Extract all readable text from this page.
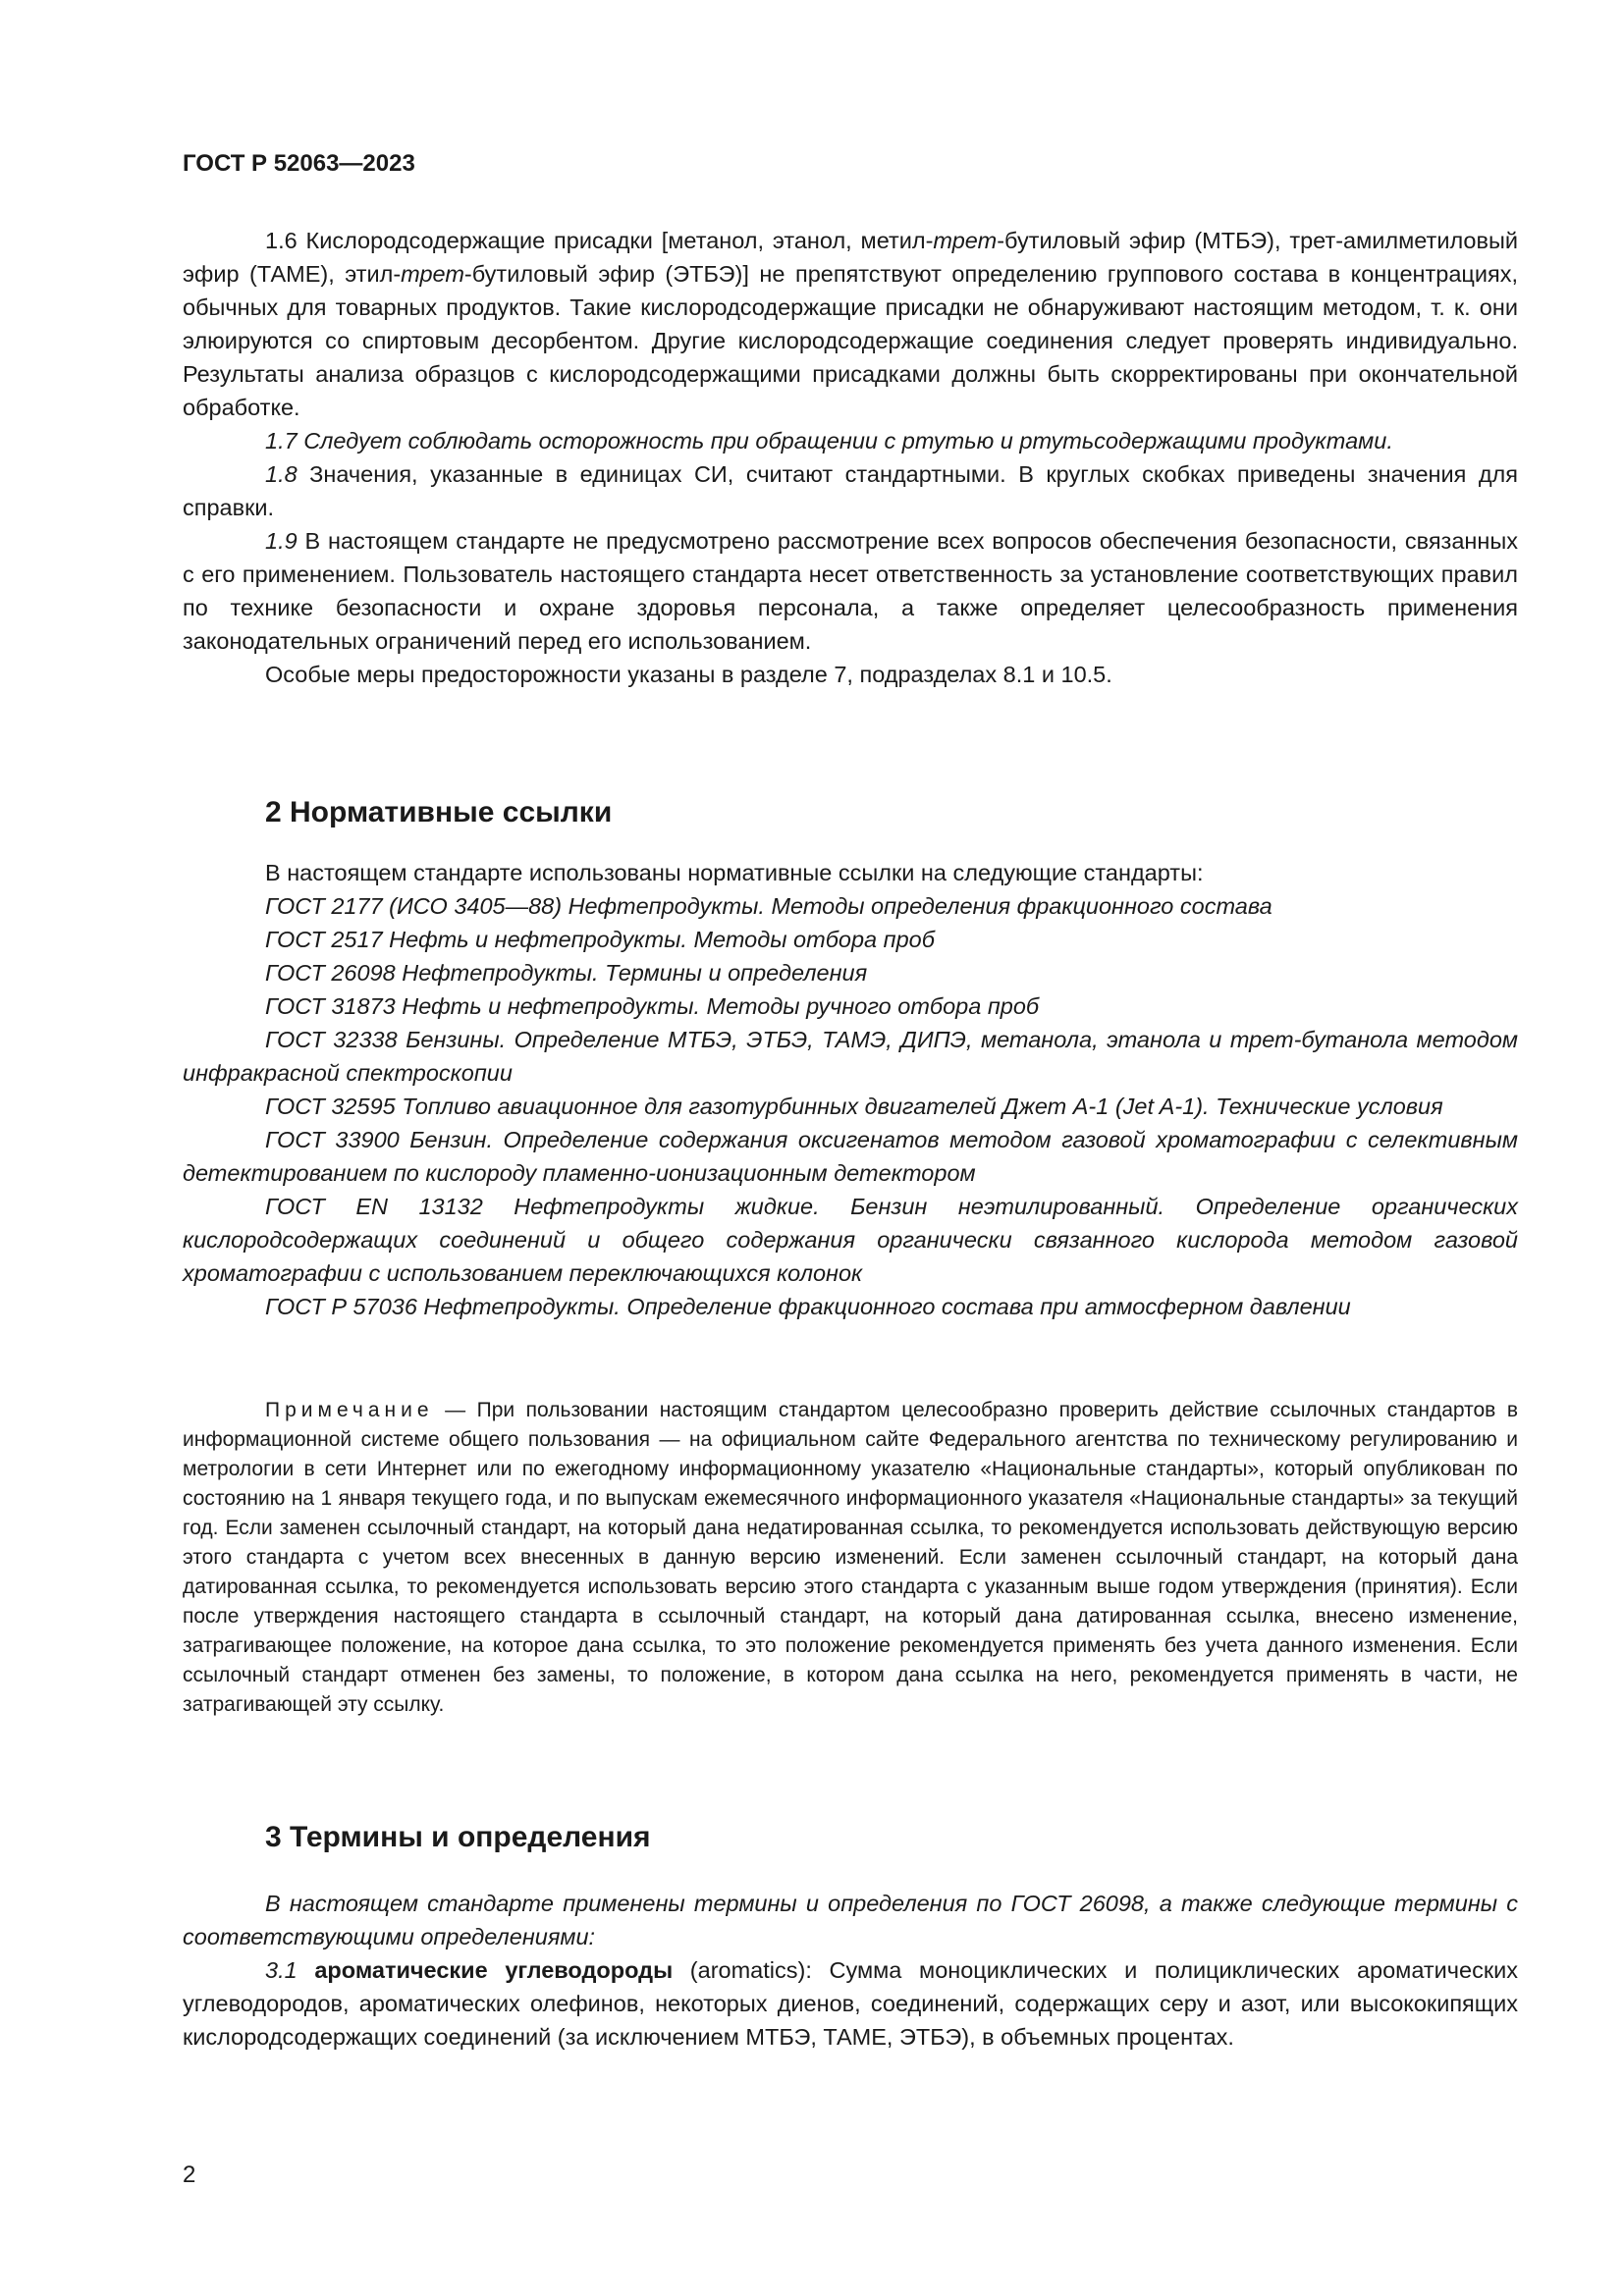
ГОСТ Р 52063—2023

1.6 Кислородсодержащие присадки [метанол, этанол, метил-трет-бутиловый эфир (МТБЭ), трет-амилметиловый эфир (ТАМЕ), этил-трет-бутиловый эфир (ЭТБЭ)] не препятствуют определению группового состава в концентрациях, обычных для товарных продуктов. Такие кислородсодержащие присадки не обнаруживают настоящим методом, т. к. они элюируются со спиртовым десорбентом. Другие кислородсодержащие соединения следует проверять индивидуально. Результаты анализа образцов с кислородсодержащими присадками должны быть скорректированы при окончательной обработке.

1.7 Следует соблюдать осторожность при обращении с ртутью и ртутьсодержащими продуктами.

1.8 Значения, указанные в единицах СИ, считают стандартными. В круглых скобках приведены значения для справки.

1.9 В настоящем стандарте не предусмотрено рассмотрение всех вопросов обеспечения безопасности, связанных с его применением. Пользователь настоящего стандарта несет ответственность за установление соответствующих правил по технике безопасности и охране здоровья персонала, а также определяет целесообразность применения законодательных ограничений перед его использованием.

Особые меры предосторожности указаны в разделе 7, подразделах 8.1 и 10.5.

2 Нормативные ссылки

В настоящем стандарте использованы нормативные ссылки на следующие стандарты:

ГОСТ 2177 (ИСО 3405—88) Нефтепродукты. Методы определения фракционного состава

ГОСТ 2517 Нефть и нефтепродукты. Методы отбора проб

ГОСТ 26098 Нефтепродукты. Термины и определения

ГОСТ 31873 Нефть и нефтепродукты. Методы ручного отбора проб

ГОСТ 32338 Бензины. Определение МТБЭ, ЭТБЭ, ТАМЭ, ДИПЭ, метанола, этанола и трет-бутанола методом инфракрасной спектроскопии

ГОСТ 32595 Топливо авиационное для газотурбинных двигателей Джет А-1 (Jet A-1). Технические условия

ГОСТ 33900 Бензин. Определение содержания оксигенатов методом газовой хроматографии с селективным детектированием по кислороду пламенно-ионизационным детектором

ГОСТ EN 13132 Нефтепродукты жидкие. Бензин неэтилированный. Определение органических кислородсодержащих соединений и общего содержания органически связанного кислорода методом газовой хроматографии с использованием переключающихся колонок

ГОСТ Р 57036 Нефтепродукты. Определение фракционного состава при атмосферном давлении

Примечание — При пользовании настоящим стандартом целесообразно проверить действие ссылочных стандартов в информационной системе общего пользования — на официальном сайте Федерального агентства по техническому регулированию и метрологии в сети Интернет или по ежегодному информационному указателю «Национальные стандарты», который опубликован по состоянию на 1 января текущего года, и по выпускам ежемесячного информационного указателя «Национальные стандарты» за текущий год. Если заменен ссылочный стандарт, на который дана недатированная ссылка, то рекомендуется использовать действующую версию этого стандарта с учетом всех внесенных в данную версию изменений. Если заменен ссылочный стандарт, на который дана датированная ссылка, то рекомендуется использовать версию этого стандарта с указанным выше годом утверждения (принятия). Если после утверждения настоящего стандарта в ссылочный стандарт, на который дана датированная ссылка, внесено изменение, затрагивающее положение, на которое дана ссылка, то это положение рекомендуется применять без учета данного изменения. Если ссылочный стандарт отменен без замены, то положение, в котором дана ссылка на него, рекомендуется применять в части, не затрагивающей эту ссылку.

3 Термины и определения

В настоящем стандарте применены термины и определения по ГОСТ 26098, а также следующие термины с соответствующими определениями:

3.1 ароматические углеводороды (aromatics): Сумма моноциклических и полициклических ароматических углеводородов, ароматических олефинов, некоторых диенов, соединений, содержащих серу и азот, или высококипящих кислородсодержащих соединений (за исключением МТБЭ, ТАМЕ, ЭТБЭ), в объемных процентах.

2
